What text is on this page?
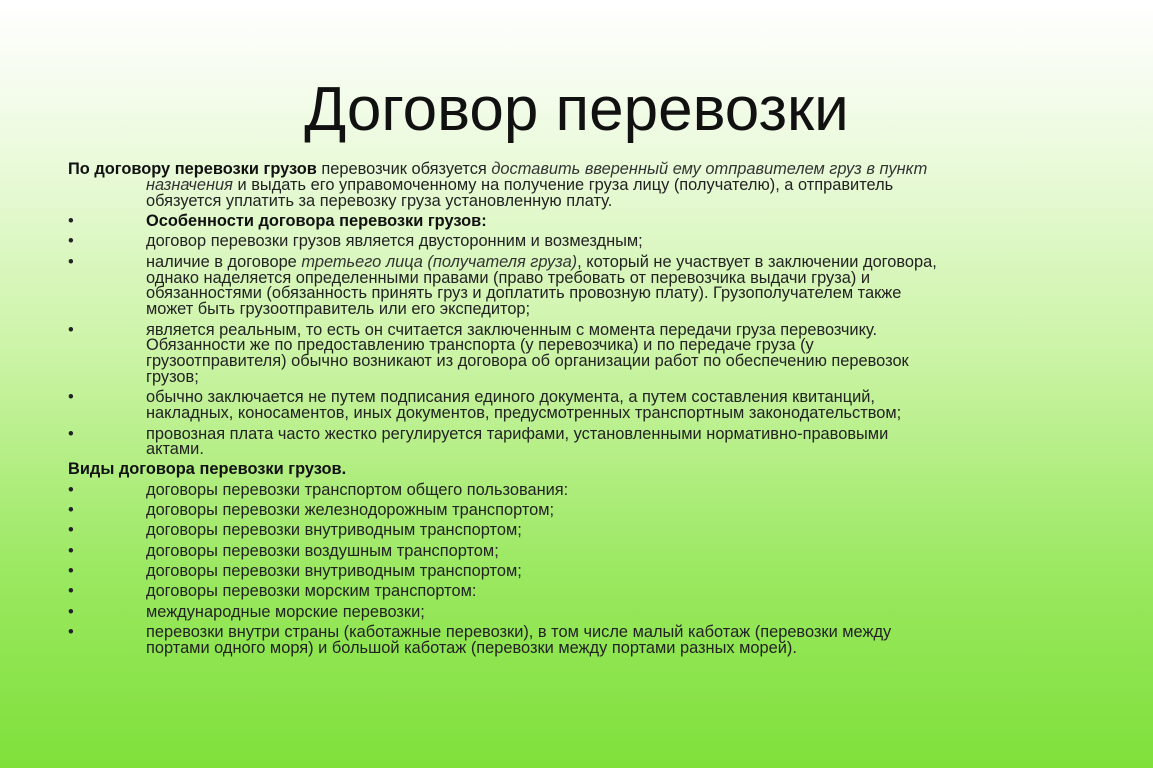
Договор перевозки
По договору перевозки грузов перевозчик обязуется доставить вверенный ему отправителем груз в пункт
назначения и выдать его управомоченному на получение груза лицу (получателю), а отправитель
обязуется уплатить за перевозку груза установленную плату.
•	Особенности договора перевозки грузов:
•	договор перевозки грузов является двусторонним и возмездным;
•	наличие в договоре третьего лица (получателя груза), который не участвует в заключении договора,
однако наделяется определенными правами (право требовать от перевозчика выдачи груза) и
обязанностями (обязанность принять груз и доплатить провозную плату). Грузополучателем также
может быть грузоотправитель или его экспедитор;
•	является реальным, то есть он считается заключенным с момента передачи груза перевозчику.
Обязанности же по предоставлению транспорта (у перевозчика) и по передаче груза (у
грузоотправителя) обычно возникают из договора об организации работ по обеспечению перевозок
грузов;
•	обычно заключается не путем подписания единого документа, а путем составления квитанций,
накладных, коносаментов, иных документов, предусмотренных транспортным законодательством;
•	провозная плата часто жестко регулируется тарифами, установленными нормативно-правовыми
актами.
Виды договора перевозки грузов.
•	договоры перевозки транспортом общего пользования:
•	договоры перевозки железнодорожным транспортом;
•	договоры перевозки внутриводным транспортом;
•	договоры перевозки воздушным транспортом;
•	договоры перевозки внутриводным транспортом;
•	договоры перевозки морским транспортом:
•	международные морские перевозки;
•	перевозки внутри страны (каботажные перевозки), в том числе малый каботаж (перевозки между
портами одного моря) и большой каботаж (перевозки между портами разных морей).
